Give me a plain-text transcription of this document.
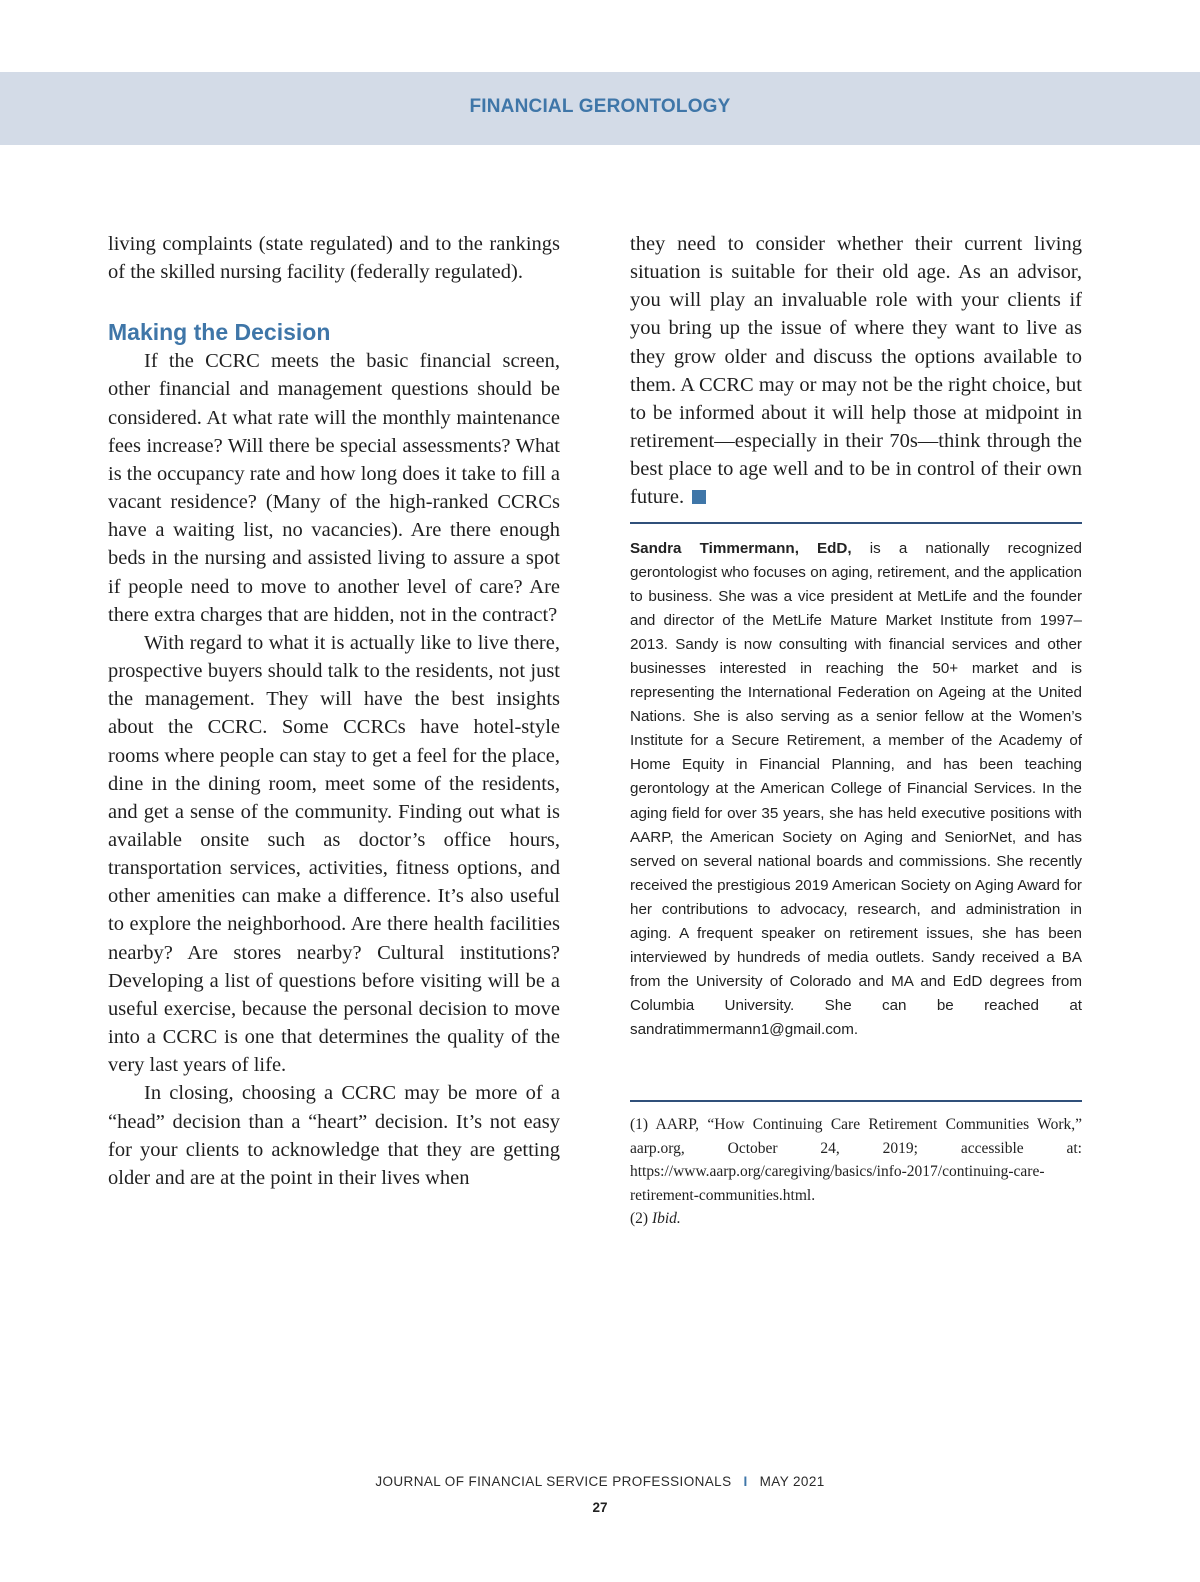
FINANCIAL GERONTOLOGY

living complaints (state regulated) and to the rankings of the skilled nursing facility (federally regulated).

Making the Decision

If the CCRC meets the basic financial screen, other financial and management questions should be considered. At what rate will the monthly maintenance fees increase? Will there be special assessments? What is the occupancy rate and how long does it take to fill a vacant residence? (Many of the high-ranked CCRCs have a waiting list, no vacancies). Are there enough beds in the nursing and assisted living to assure a spot if people need to move to another level of care? Are there extra charges that are hidden, not in the contract?

With regard to what it is actually like to live there, prospective buyers should talk to the residents, not just the management. They will have the best insights about the CCRC. Some CCRCs have hotel-style rooms where people can stay to get a feel for the place, dine in the dining room, meet some of the residents, and get a sense of the community. Finding out what is available onsite such as doctor’s office hours, transportation services, activities, fitness options, and other amenities can make a difference. It’s also useful to explore the neighborhood. Are there health facilities nearby? Are stores nearby? Cultural institutions? Developing a list of questions before visiting will be a useful exercise, because the personal decision to move into a CCRC is one that determines the quality of the very last years of life.

In closing, choosing a CCRC may be more of a “head” decision than a “heart” decision. It’s not easy for your clients to acknowledge that they are getting older and are at the point in their lives when

they need to consider whether their current living situation is suitable for their old age. As an advisor, you will play an invaluable role with your clients if you bring up the issue of where they want to live as they grow older and discuss the options available to them. A CCRC may or may not be the right choice, but to be informed about it will help those at midpoint in retirement—especially in their 70s—think through the best place to age well and to be in control of their own future.

Sandra Timmermann, EdD, is a nationally recognized gerontologist who focuses on aging, retirement, and the application to business. She was a vice president at MetLife and the founder and director of the MetLife Mature Market Institute from 1997–2013. Sandy is now consulting with financial services and other businesses interested in reaching the 50+ market and is representing the International Federation on Ageing at the United Nations. She is also serving as a senior fellow at the Women’s Institute for a Secure Retirement, a member of the Academy of Home Equity in Financial Planning, and has been teaching gerontology at the American College of Financial Services. In the aging field for over 35 years, she has held executive positions with AARP, the American Society on Aging and SeniorNet, and has served on several national boards and commissions. She recently received the prestigious 2019 American Society on Aging Award for her contributions to advocacy, research, and administration in aging. A frequent speaker on retirement issues, she has been interviewed by hundreds of media outlets. Sandy received a BA from the University of Colorado and MA and EdD degrees from Columbia University. She can be reached at sandratimmermann1@gmail.com.

(1) AARP, “How Continuing Care Retirement Communities Work,” aarp.org, October 24, 2019; accessible at: https://www.aarp.org/caregiving/basics/info-2017/continuing-care-retirement-communities.html.

(2) Ibid.

JOURNAL OF FINANCIAL SERVICE PROFESSIONALS I MAY 2021
27
